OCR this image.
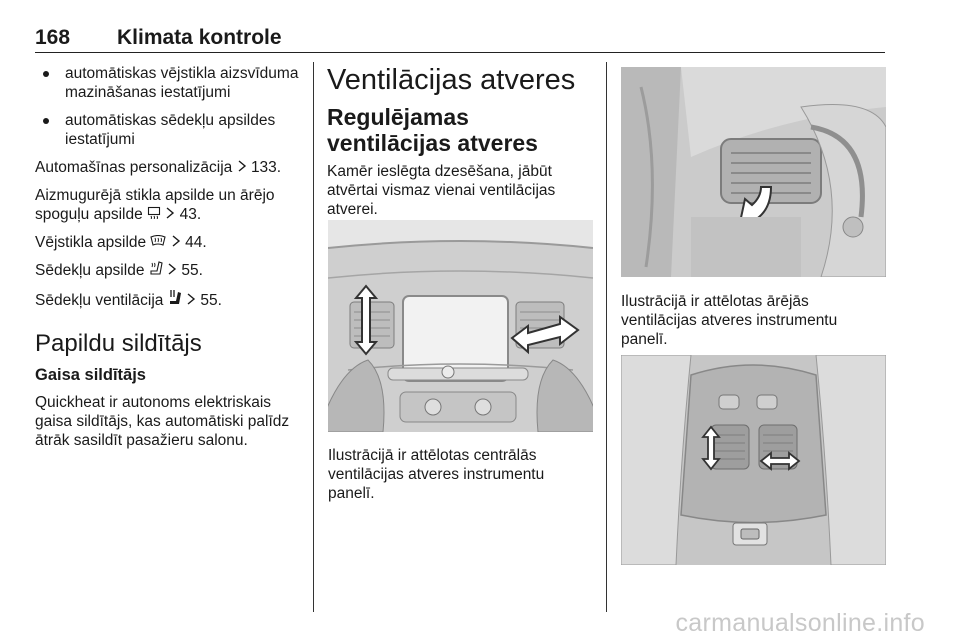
168 Klimata kontrole
automātiskas vējstikla aizsvīduma mazināšanas iestatījumi
automātiskas sēdekļu apsildes iestatījumi

Automašīnas personalizācija 133.

Aizmugurējā stikla apsilde un ārējo spoguļu apsilde 43.

Vējstikla apsilde	44.

Sēdekļu apsilde 55.

Sēdekļu ventilācija 55.

Papildu sildītājs
Gaisa sildītājs

Quickheat ir autonoms elektriskais gaisa sildītājs, kas automātiski palīdz ātrāk sasildīt pasažieru salonu.

Ventilācijas atveres
Regulējamas ventilācijas atveres

Kamēr ieslēgta dzesēšana, jābūt atvērtai vismaz vienai ventilācijas atverei.

Ilustrācijā ir attēlotas centrālās ventilācijas atveres instrumentu panelī.
Ilustrācijā ir attēlotas ārējās ventilācijas atveres instrumentu panelī.
carmanualsonline.info
